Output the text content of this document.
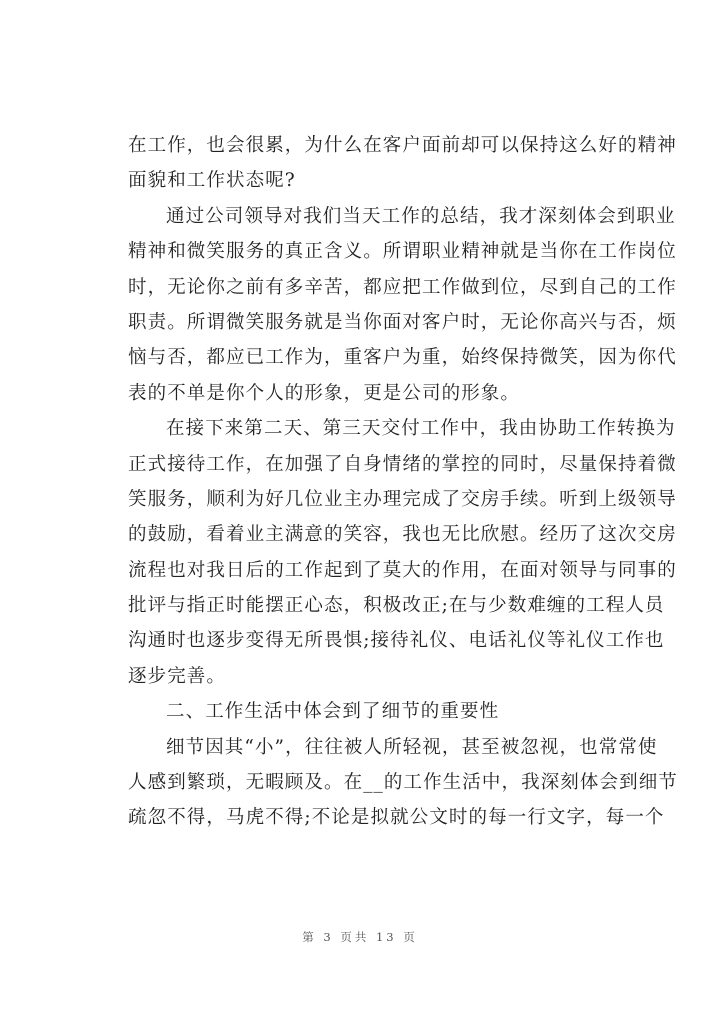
在工作，也会很累，为什么在客户面前却可以保持这么好的精神
面貌和工作状态呢?
通过公司领导对我们当天工作的总结，我才深刻体会到职业
精神和微笑服务的真正含义。所谓职业精神就是当你在工作岗位
时，无论你之前有多辛苦，都应把工作做到位，尽到自己的工作
职责。所谓微笑服务就是当你面对客户时，无论你高兴与否，烦
恼与否，都应已工作为，重客户为重，始终保持微笑，因为你代
表的不单是你个人的形象，更是公司的形象。
在接下来第二天、第三天交付工作中，我由协助工作转换为
正式接待工作，在加强了自身情绪的掌控的同时，尽量保持着微
笑服务，顺利为好几位业主办理完成了交房手续。听到上级领导
的鼓励，看着业主满意的笑容，我也无比欣慰。经历了这次交房
流程也对我日后的工作起到了莫大的作用，在面对领导与同事的
批评与指正时能摆正心态，积极改正;在与少数难缠的工程人员
沟通时也逐步变得无所畏惧;接待礼仪、电话礼仪等礼仪工作也
逐步完善。
二、工作生活中体会到了细节的重要性
细节因其“小”，往往被人所轻视，甚至被忽视，也常常使
人感到繁琐，无暇顾及。在__的工作生活中，我深刻体会到细节
疏忽不得，马虎不得;不论是拟就公文时的每一行文字，每一个
第 3 页共 13 页
